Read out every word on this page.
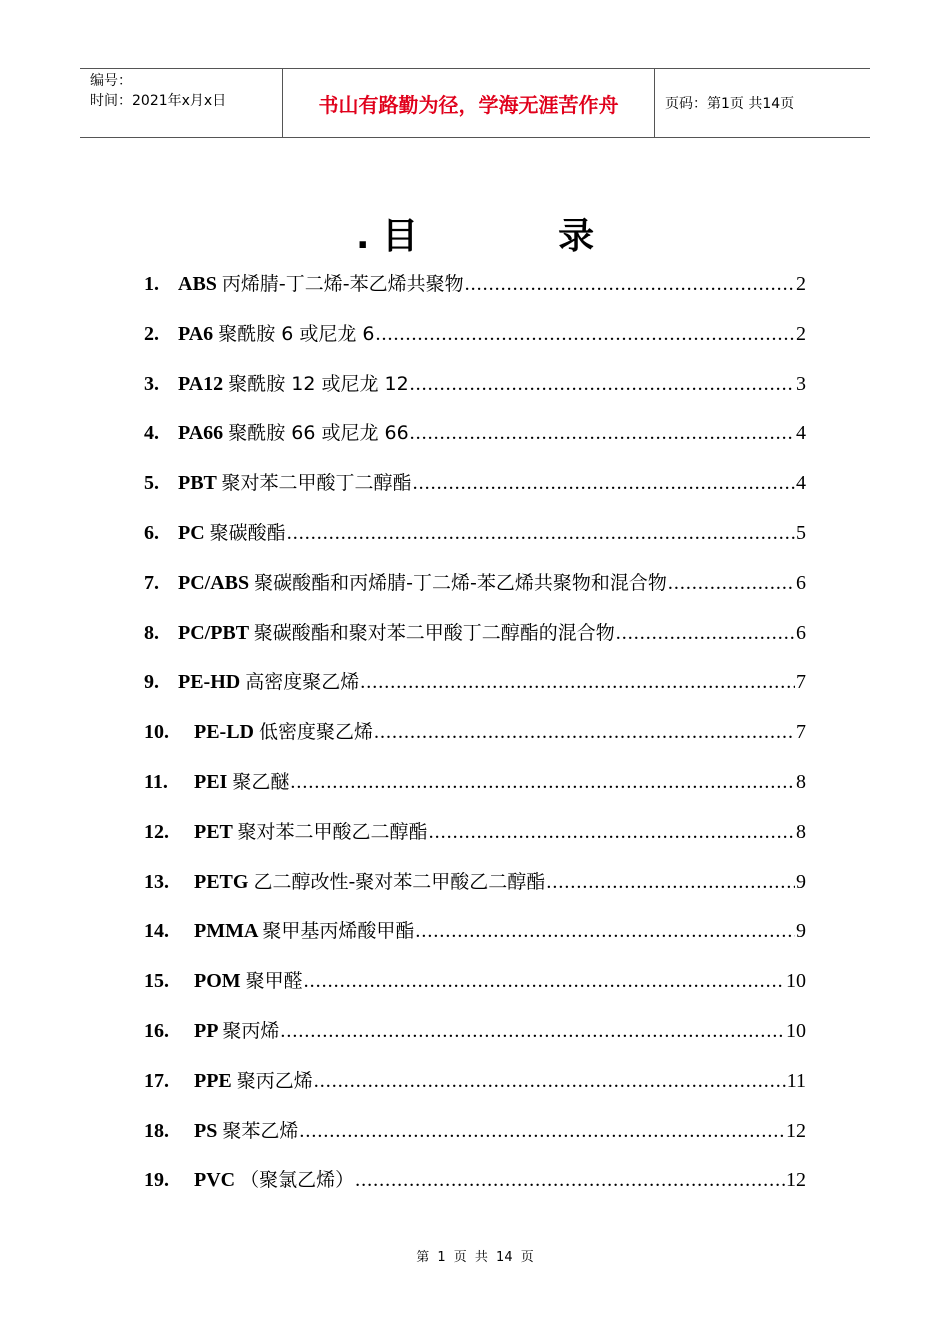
编号：
时间：2021年x月x日	书山有路勤为径，学海无涯苦作舟	页码：第1页 共14页
. 目	录
1. ABS 丙烯腈-丁二烯-苯乙烯共聚物 .....	2
2. PA6 聚酰胺 6 或尼龙 6 .....	2
3. PA12 聚酰胺 12 或尼龙 12 .....	3
4. PA66 聚酰胺 66 或尼龙 66 .....	4
5. PBT 聚对苯二甲酸丁二醇酯 .....	4
6. PC 聚碳酸酯 .....	5
7. PC/ABS 聚碳酸酯和丙烯腈-丁二烯-苯乙烯共聚物和混合物 .....	6
8. PC/PBT 聚碳酸酯和聚对苯二甲酸丁二醇酯的混合物 .....	6
9. PE-HD 高密度聚乙烯 .....	7
10.	PE-LD 低密度聚乙烯 .....	7
11.	PEI 聚乙醚 .....	8
12.	PET 聚对苯二甲酸乙二醇酯 .....	8
13.	PETG 乙二醇改性-聚对苯二甲酸乙二醇酯 .....	9
14.	PMMA 聚甲基丙烯酸甲酯 .....	9
15.	POM 聚甲醛 .....	10
16.	PP 聚丙烯 .....	10
17.	PPE 聚丙乙烯 .....	11
18.	PS 聚苯乙烯 .....	12
19.	PVC （聚氯乙烯） .....	12
第 1 页 共 14 页
